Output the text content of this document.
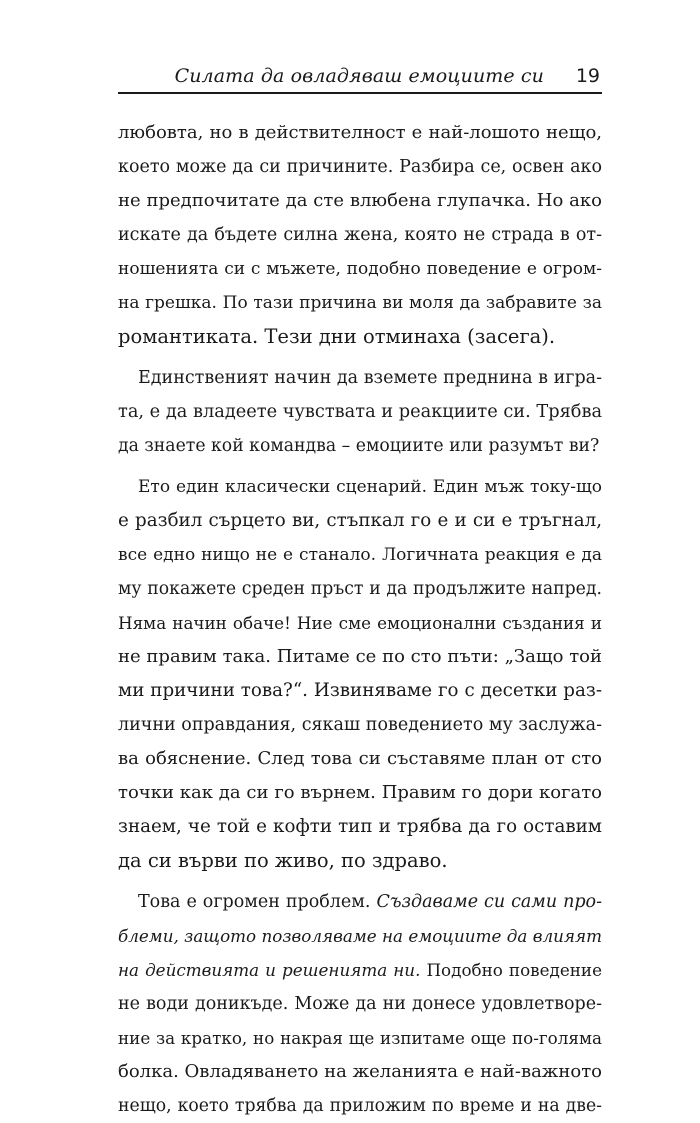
Силата да овладяваш емоциите си 19
любовта, но в действителност е най-лошото нещо,
което може да си причините. Разбира се, освен ако
не предпочитате да сте влюбена глупачка. Но ако
искате да бъдете силна жена, която не страда в от-
ношенията си с мъжете, подобно поведение е огром-
на грешка. По тази причина ви моля да забравите за
романтиката. Тези дни отминаха (засега).
Единственият начин да вземете преднина в игра-
та, е да владеете чувствата и реакциите си. Трябва
да знаете кой командва – емоциите или разумът ви?
Ето един класически сценарий. Един мъж току-що
е разбил сърцето ви, стъпкал го е и си е тръгнал,
все едно нищо не е станало. Логичната реакция е да
му покажете среден пръст и да продължите напред.
Няма начин обаче! Ние сме емоционални създания и
не правим така. Питаме се по сто пъти: „Защо той
ми причини това?“. Извиняваме го с десетки раз-
лични оправдания, сякаш поведението му заслужа-
ва обяснение. След това си съставяме план от сто
точки как да си го върнем. Правим го дори когато
знаем, че той е кофти тип и трябва да го оставим
да си върви по живо, по здраво.
Това е огромен проблем. Създаваме си сами про-
блеми, защото позволяваме на емоциите да влияят
на действията и решенията ни. Подобно поведение
не води доникъде. Може да ни донесе удовлетворе-
ние за кратко, но накрая ще изпитаме още по-голяма
болка. Овладяването на желанията е най-важното
нещо, което трябва да приложим по време и на две-
